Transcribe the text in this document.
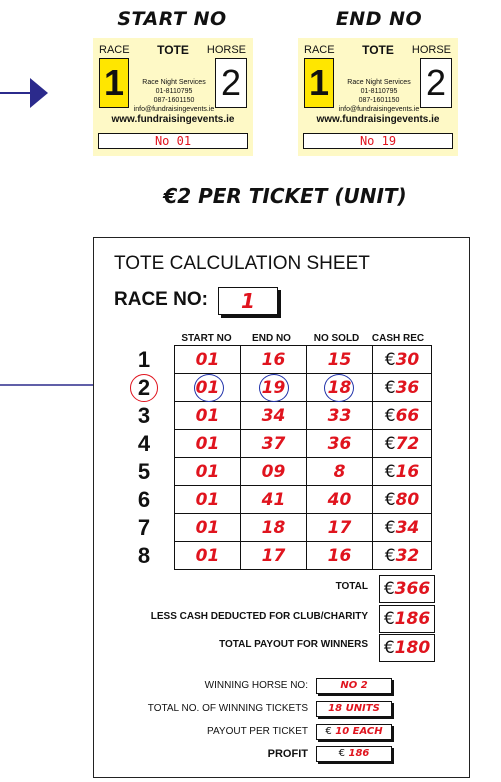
START NO	END NO
RACE	TOTE	HORSE
1	2
Race Night Services
01-8110795
087-1601150
info@fundraisingevents.ie
www.fundraisingevents.ie
No 01
RACE	TOTE	HORSE
1	2
Race Night Services
01-8110795
087-1601150
info@fundraisingevents.ie
www.fundraisingevents.ie
No 19
€2 PER TICKET (UNIT)
TOTE CALCULATION SHEET
RACE NO:	1
START NO	END NO	NO SOLD	CASH REC
1	01	16	15	€30
2	01	19	18	€36
3	01	34	33	€66
4	01	37	36	€72
5	01	09	8	€16
6	01	41	40	€80
7	01	18	17	€34
8	01	17	16	€32
TOTAL €366
LESS CASH DEDUCTED FOR CLUB/CHARITY €186
TOTAL PAYOUT FOR WINNERS €180
WINNING HORSE NO:	NO 2
TOTAL NO. OF WINNING TICKETS	18 UNITS
PAYOUT PER TICKET	€ 10 EACH
PROFIT	€ 186
